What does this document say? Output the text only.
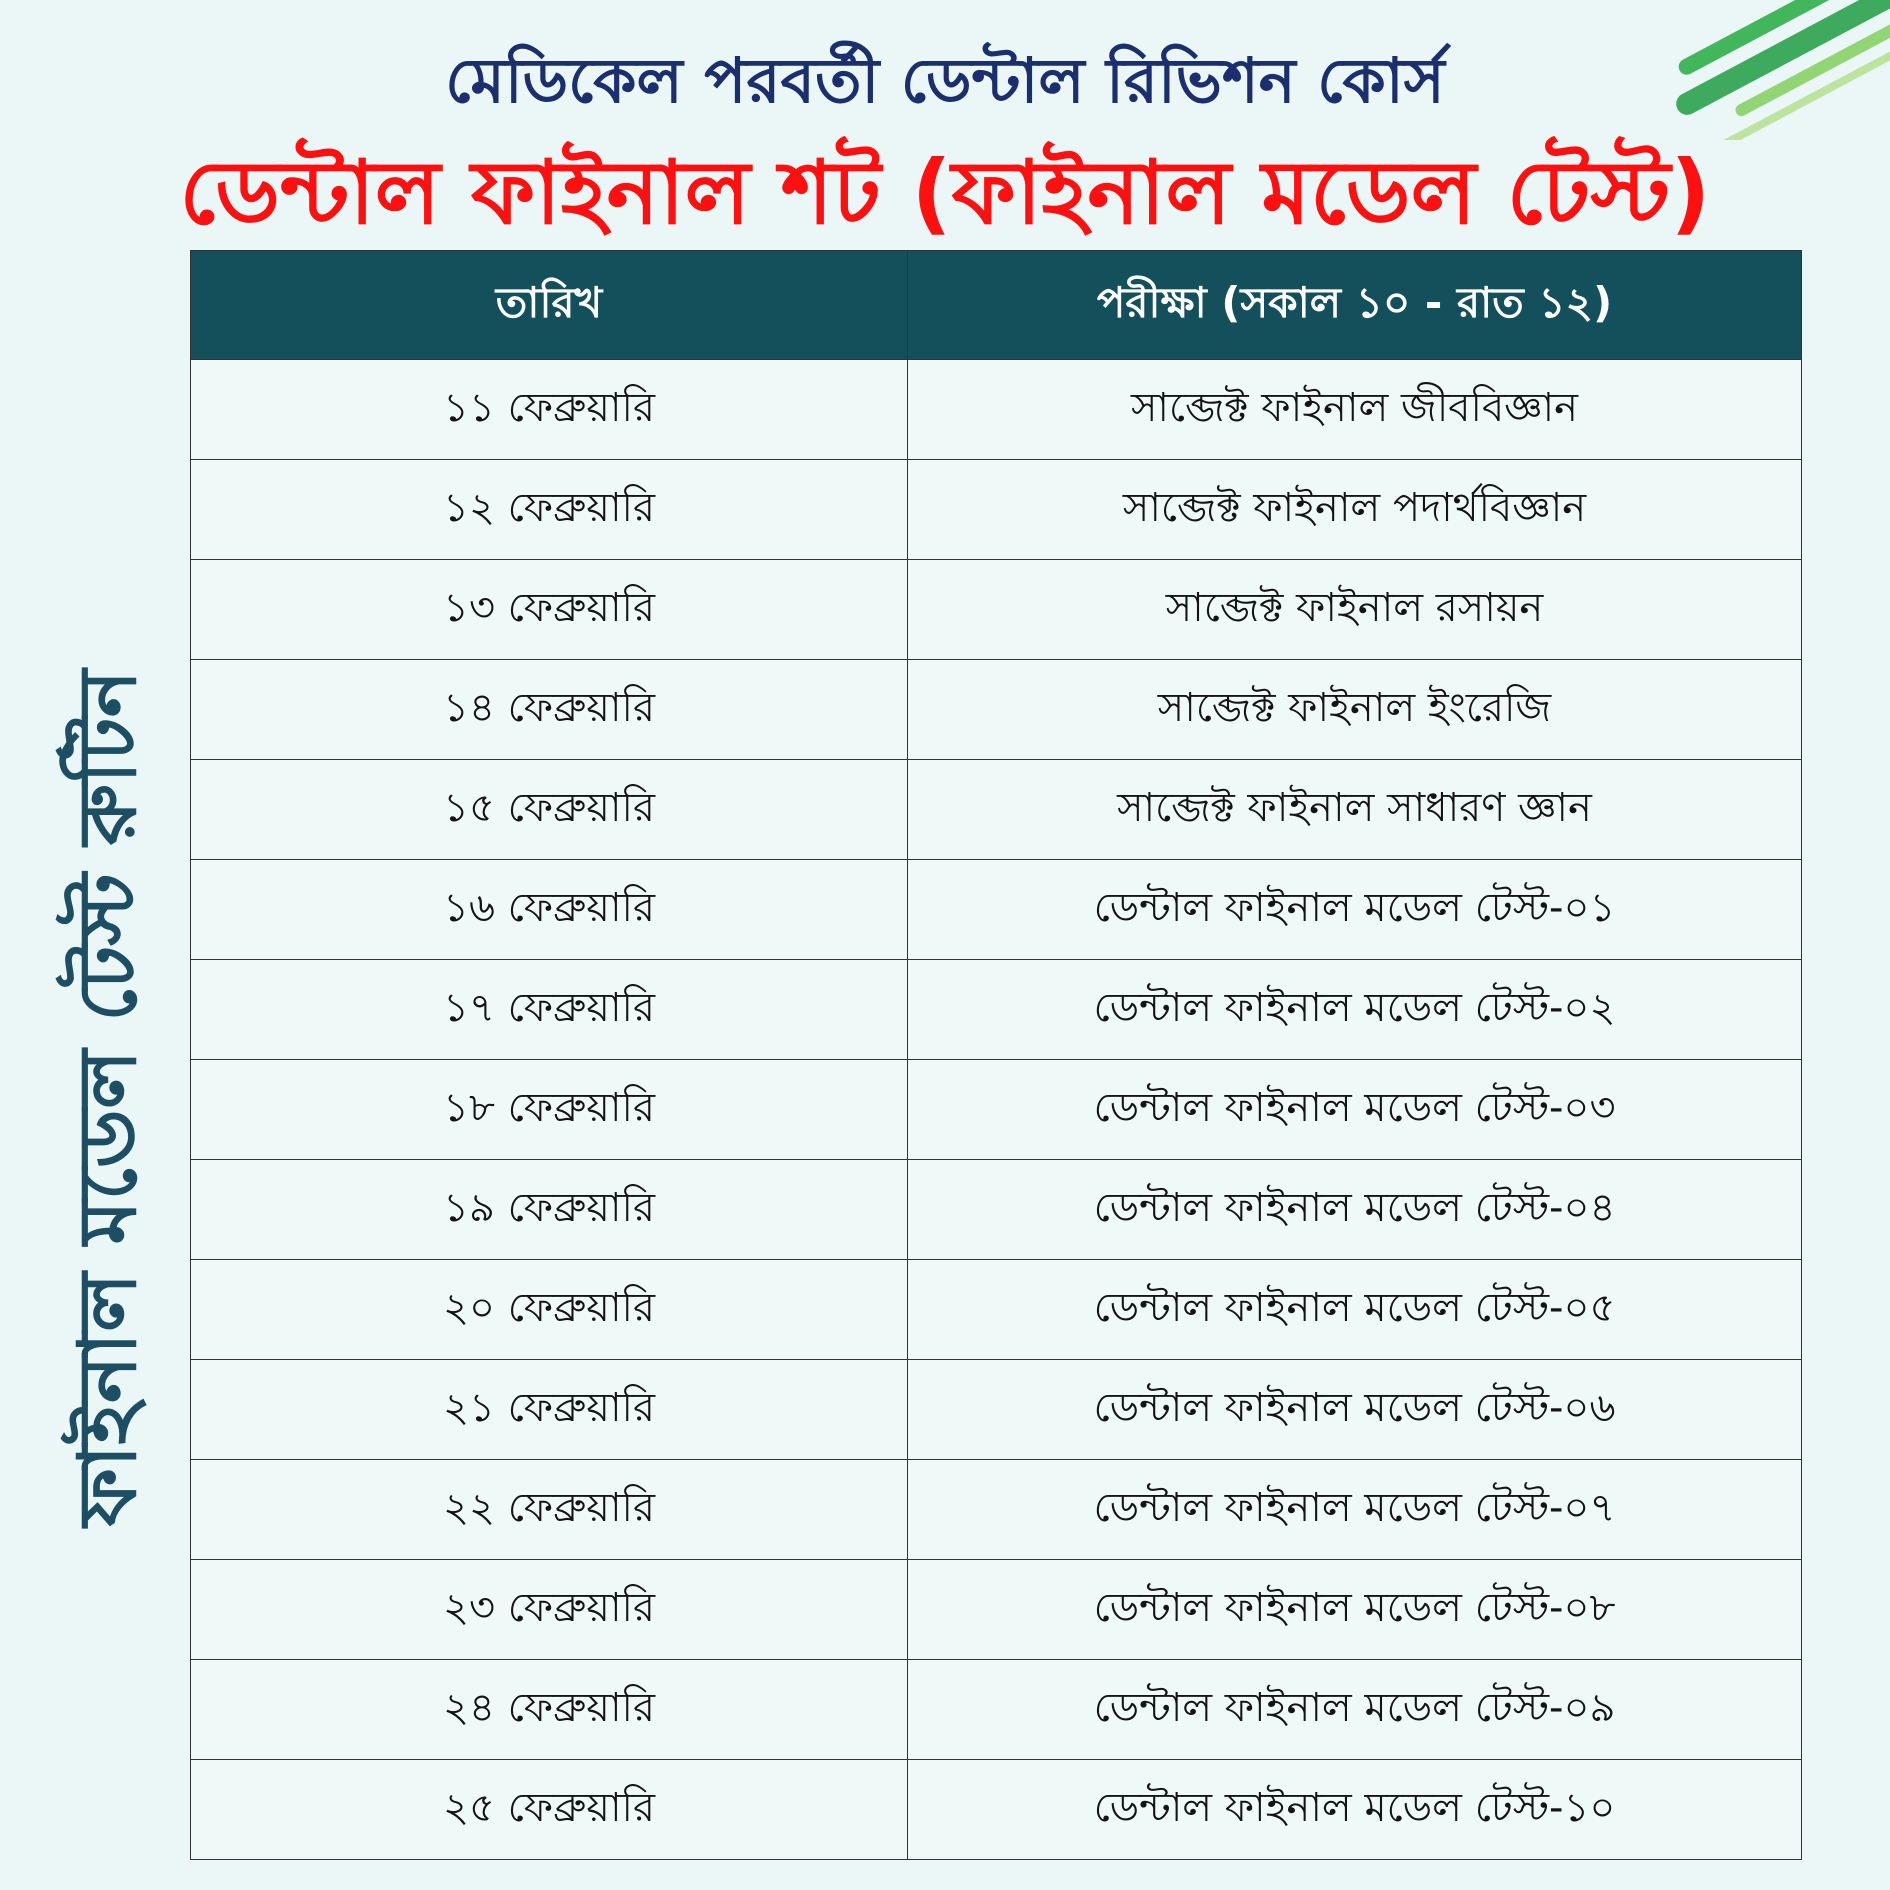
মেডিকেল পরবর্তী ডেন্টাল রিভিশন কোর্স
ডেন্টাল ফাইনাল শট (ফাইনাল মডেল টেস্ট)
ফাইনাল মডেল টেস্ট রুটিন
তারিখ	পরীক্ষা (সকাল ১০ - রাত ১২)
১১ ফেব্রুয়ারি	সাব্জেক্ট ফাইনাল জীববিজ্ঞান
১২ ফেব্রুয়ারি	সাব্জেক্ট ফাইনাল পদার্থবিজ্ঞান
১৩ ফেব্রুয়ারি	সাব্জেক্ট ফাইনাল রসায়ন
১৪ ফেব্রুয়ারি	সাব্জেক্ট ফাইনাল ইংরেজি
১৫ ফেব্রুয়ারি	সাব্জেক্ট ফাইনাল সাধারণ জ্ঞান
১৬ ফেব্রুয়ারি	ডেন্টাল ফাইনাল মডেল টেস্ট-০১
১৭ ফেব্রুয়ারি	ডেন্টাল ফাইনাল মডেল টেস্ট-০২
১৮ ফেব্রুয়ারি	ডেন্টাল ফাইনাল মডেল টেস্ট-০৩
১৯ ফেব্রুয়ারি	ডেন্টাল ফাইনাল মডেল টেস্ট-০৪
২০ ফেব্রুয়ারি	ডেন্টাল ফাইনাল মডেল টেস্ট-০৫
২১ ফেব্রুয়ারি	ডেন্টাল ফাইনাল মডেল টেস্ট-০৬
২২ ফেব্রুয়ারি	ডেন্টাল ফাইনাল মডেল টেস্ট-০৭
২৩ ফেব্রুয়ারি	ডেন্টাল ফাইনাল মডেল টেস্ট-০৮
২৪ ফেব্রুয়ারি	ডেন্টাল ফাইনাল মডেল টেস্ট-০৯
২৫ ফেব্রুয়ারি	ডেন্টাল ফাইনাল মডেল টেস্ট-১০
